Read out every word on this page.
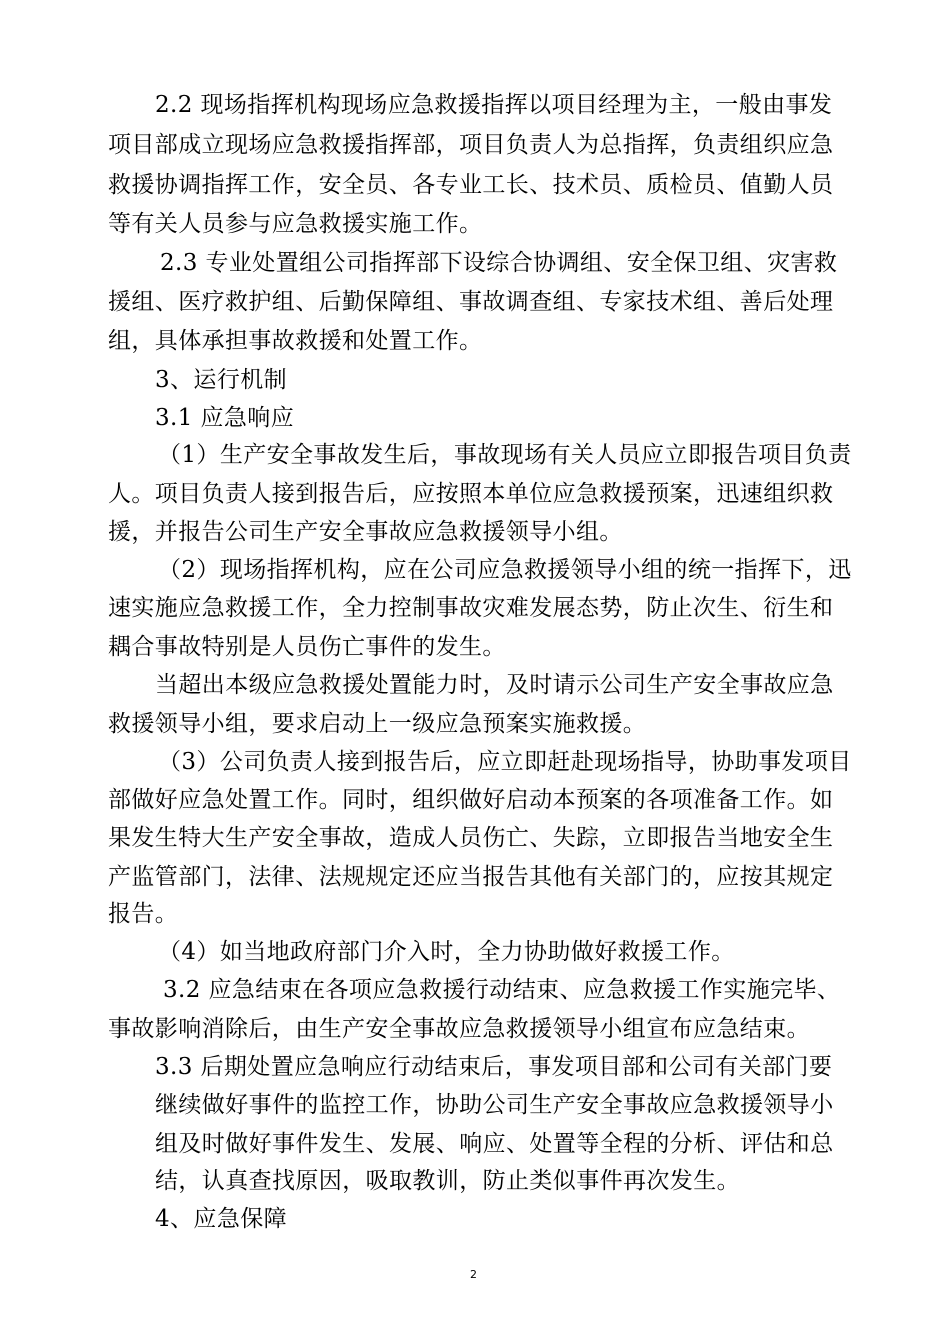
2.2 现场指挥机构现场应急救援指挥以项目经理为主，一般由事发
项目部成立现场应急救援指挥部，项目负责人为总指挥，负责组织应急
救援协调指挥工作，安全员、各专业工长、技术员、质检员、值勤人员
等有关人员参与应急救援实施工作。
2.3 专业处置组公司指挥部下设综合协调组、安全保卫组、灾害救
援组、医疗救护组、后勤保障组、事故调查组、专家技术组、善后处理
组，具体承担事故救援和处置工作。
3、运行机制
3.1 应急响应
（1）生产安全事故发生后，事故现场有关人员应立即报告项目负责
人。项目负责人接到报告后，应按照本单位应急救援预案，迅速组织救
援，并报告公司生产安全事故应急救援领导小组。
（2）现场指挥机构，应在公司应急救援领导小组的统一指挥下，迅
速实施应急救援工作，全力控制事故灾难发展态势，防止次生、衍生和
耦合事故特别是人员伤亡事件的发生。
当超出本级应急救援处置能力时，及时请示公司生产安全事故应急
救援领导小组，要求启动上一级应急预案实施救援。
（3）公司负责人接到报告后，应立即赶赴现场指导，协助事发项目
部做好应急处置工作。同时，组织做好启动本预案的各项准备工作。如
果发生特大生产安全事故，造成人员伤亡、失踪，立即报告当地安全生
产监管部门，法律、法规规定还应当报告其他有关部门的，应按其规定
报告。
（4）如当地政府部门介入时，全力协助做好救援工作。
3.2 应急结束在各项应急救援行动结束、应急救援工作实施完毕、
事故影响消除后，由生产安全事故应急救援领导小组宣布应急结束。
3.3 后期处置应急响应行动结束后，事发项目部和公司有关部门要
继续做好事件的监控工作，协助公司生产安全事故应急救援领导小
组及时做好事件发生、发展、响应、处置等全程的分析、评估和总
结，认真查找原因，吸取教训，防止类似事件再次发生。
4、应急保障
2
